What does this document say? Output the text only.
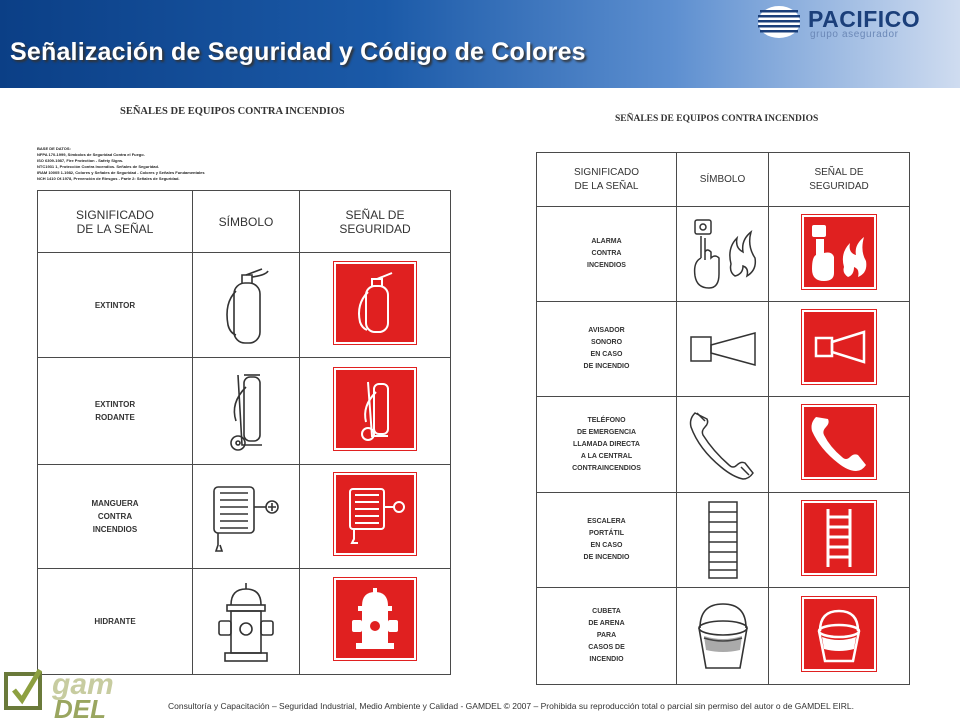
Señalización de Seguridad y Código de Colores
PACIFICO
grupo asegurador
SEÑALES DE EQUIPOS CONTRA INCENDIOS
BASE DE DATOS:
NFPA 170-1999, Símbolos de Seguridad Contra el Fuego.
ISO 6309-1987, Fire Protection - Safety Signs.
NTC1931 1, Protección Contra Incendios. Señales de Seguridad.
IRAM 10005 1-1982, Colores y Señales de Seguridad - Colores y Señales Fundamentales
NCH 1410 Of.1978, Prevención de Riesgos - Parte 2: Señales de Seguridad.
SIGNIFICADO
DE LA SEÑAL	SÍMBOLO	SEÑAL DE
SEGURIDAD
EXTINTOR	

EXTINTOR
RODANTE	

MANGUERA
CONTRA
INCENDIOS	

HIDRANTE	

SEÑALES DE EQUIPOS CONTRA INCENDIOS
SIGNIFICADO
DE LA SEÑAL	SÍMBOLO	SEÑAL DE
SEGURIDAD
ALARMA
CONTRA
INCENDIOS	

AVISADOR
SONORO
EN CASO
DE INCENDIO	

TELÉFONO
DE EMERGENCIA
LLAMADA DIRECTA
A LA CENTRAL
CONTRAINCENDIOS	

ESCALERA
PORTÁTIL
EN CASO
DE INCENDIO	

CUBETA
DE ARENA
PARA
CASOS DE
INCENDIO	

gam
DEL	Consultoría y Capacitación – Seguridad Industrial, Medio Ambiente y Calidad - GAMDEL © 2007 – Prohibida su reproducción total o parcial sin permiso del autor o de GAMDEL EIRL.
